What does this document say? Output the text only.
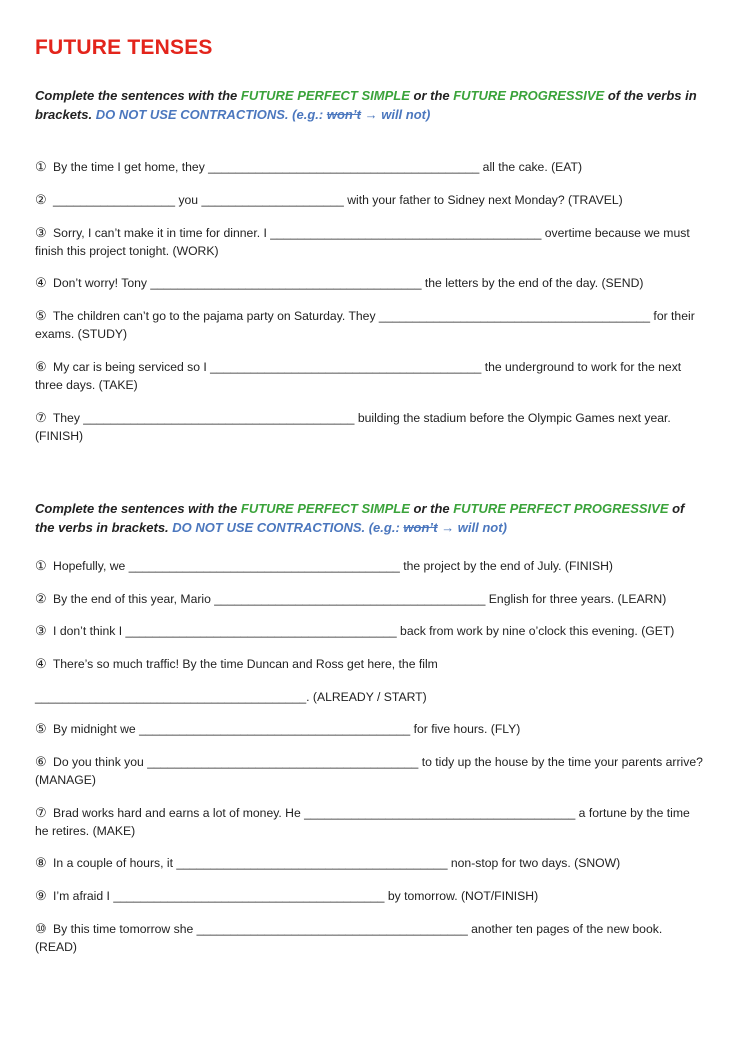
FUTURE TENSES
Complete the sentences with the FUTURE PERFECT SIMPLE or the FUTURE PROGRESSIVE of the verbs in brackets. DO NOT USE CONTRACTIONS. (e.g.: won’t → will not)
① By the time I get home, they ________________________________________ all the cake. (EAT)
② __________________ you _____________________ with your father to Sidney next Monday? (TRAVEL)
③ Sorry, I can’t make it in time for dinner. I ________________________________________ overtime because we must finish this project tonight. (WORK)
④ Don’t worry! Tony ________________________________________ the letters by the end of the day. (SEND)
⑤ The children can’t go to the pajama party on Saturday. They ________________________________________ for their exams. (STUDY)
⑥ My car is being serviced so I ________________________________________ the underground to work for the next three days. (TAKE)
⑦ They ________________________________________ building the stadium before the Olympic Games next year. (FINISH)
Complete the sentences with the FUTURE PERFECT SIMPLE or the FUTURE PERFECT PROGRESSIVE of the verbs in brackets. DO NOT USE CONTRACTIONS. (e.g.: won’t → will not)
① Hopefully, we ________________________________________ the project by the end of July. (FINISH)
② By the end of this year, Mario ________________________________________ English for three years. (LEARN)
③ I don’t think I ________________________________________ back from work by nine o’clock this evening. (GET)
④ There’s so much traffic! By the time Duncan and Ross get here, the film
________________________________________. (ALREADY / START)
⑤ By midnight we ________________________________________ for five hours. (FLY)
⑥ Do you think you ________________________________________ to tidy up the house by the time your parents arrive? (MANAGE)
⑦ Brad works hard and earns a lot of money. He ________________________________________ a fortune by the time he retires. (MAKE)
⑧ In a couple of hours, it ________________________________________ non-stop for two days. (SNOW)
⑨ I’m afraid I ________________________________________ by tomorrow. (NOT/FINISH)
⑩ By this time tomorrow she ________________________________________ another ten pages of the new book. (READ)
